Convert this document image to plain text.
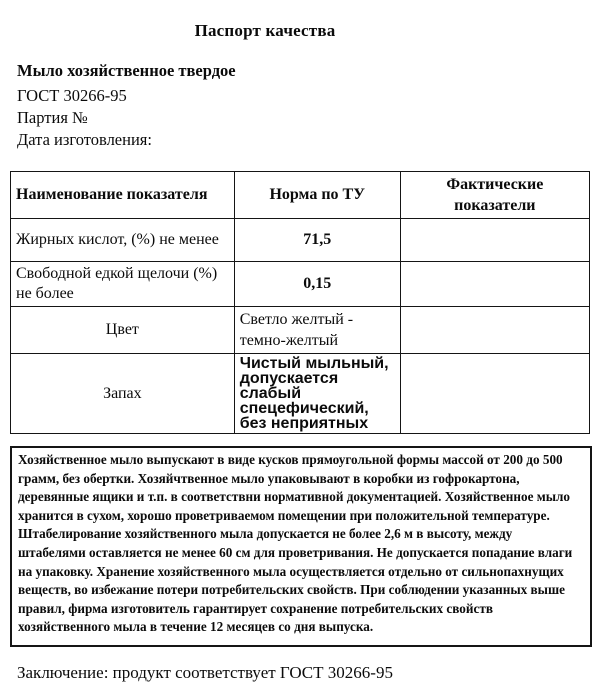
Паспорт качества
Мыло хозяйственное твердое
ГОСТ 30266-95
Партия №
Дата изготовления:
Наименование показателя	Норма по ТУ	Фактические показатели
Жирных кислот, (%) не менее	71,5	
Свободной едкой щелочи (%) не более	0,15	
Цвет	Светло желтый - темно-желтый	
Запах	Чистый мыльный, допускается слабый спецефический, без неприятных	
Хозяйственное мыло выпускают в виде кусков прямоугольной формы массой от 200 до 500 грамм, без обертки. Хозяйчтвенное мыло упаковывают в коробки из гофрокартона, деревянные ящики и т.п. в соответствни нормативной документацией. Хозяйственное мыло хранится в сухом, хорошо проветриваемом помещении при положительной температуре. Штабелирование хозяйственного мыла допускается не более 2,6 м в высоту, между штабелями оставляется не менее 60 см для проветривания. Не допускается попадание влаги на упаковку. Хранение хозяйственного мыла осуществляется отдельно от сильнопахнущих веществ, во избежание потери потребительских свойств. При соблюдении указанных выше правил, фирма изготовитель гарантирует сохранение потребительских свойств хозяйственного мыла в течение 12 месяцев со дня выпуска.
Заключение: продукт соответствует ГОСТ 30266-95
